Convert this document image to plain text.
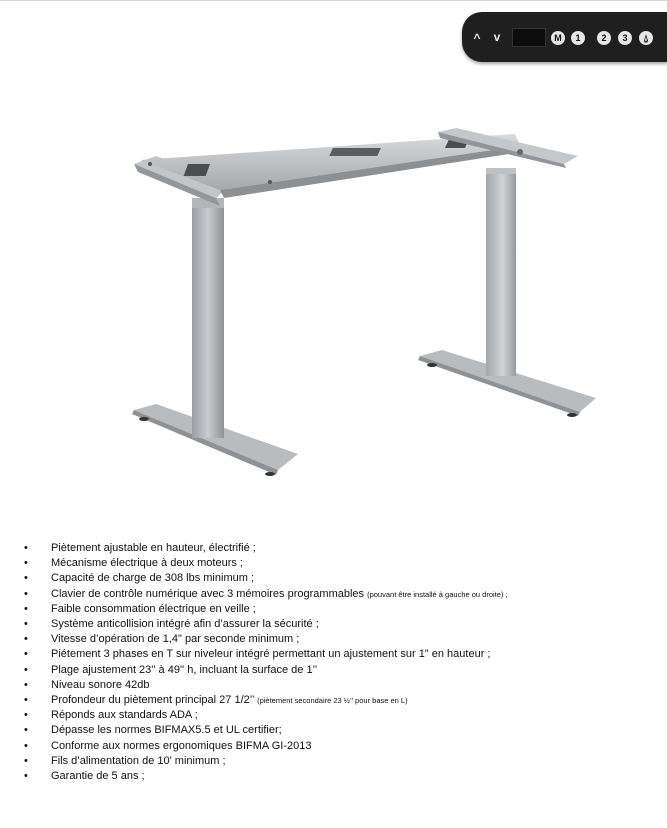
^	v	M	1	2	3	⍙
• Piètement ajustable en hauteur, électrifié ;
• Mécanisme électrique à deux moteurs ;
• Capacité de charge de 308 lbs minimum ;
• Clavier de contrôle numérique avec 3 mémoires programmables (pouvant être installé à gauche ou droite) ;
• Faible consommation électrique en veille ;
• Système anticollision intégré afin d’assurer la sécurité ;
• Vitesse d’opération de 1,4" par seconde minimum ;
• Piétement 3 phases en T sur niveleur intégré permettant un ajustement sur 1" en hauteur ;
• Plage ajustement 23'' à 49'' h, incluant la surface de 1’’
• Niveau sonore 42db
• Profondeur du piètement principal 27 1/2’’ (piètement secondaire 23 ½’’ pour base en L)
• Réponds aux standards ADA ;
• Dépasse les normes BIFMAX5.5 et UL certifier;
• Conforme aux normes ergonomiques BIFMA GI-2013
• Fils d’alimentation de 10' minimum ;
• Garantie de 5 ans ;
